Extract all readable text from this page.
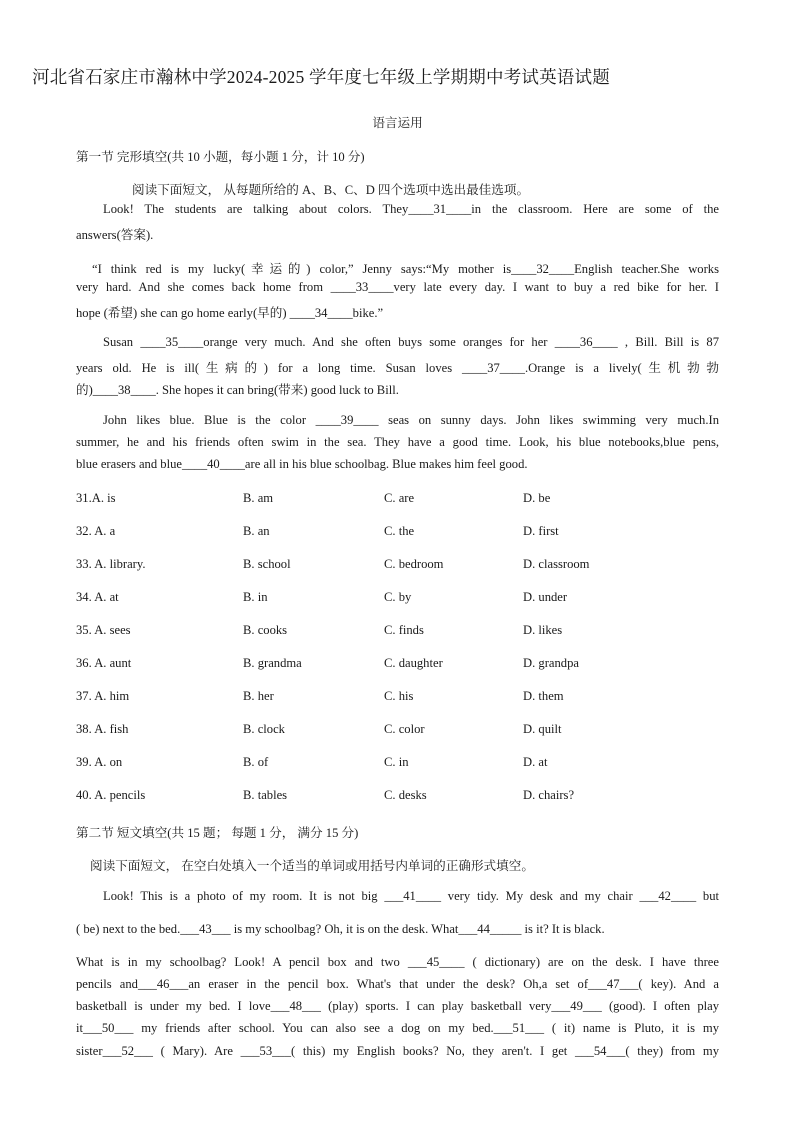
河北省石家庄市瀚林中学2024-2025 学年度七年级上学期期中考试英语试题
语言运用
第一节 完形填空(共 10 小题，每小题 1 分，计 10 分)
阅读下面短文， 从每题所给的 A、B、C、D 四个选项中选出最佳选项。
Look! The students are talking about colors. They____31____in the classroom. Here are some of the
answers(答案).
“I think red is my lucky(幸运的) color,” Jenny says:“My mother is____32____English teacher.She works
very hard. And she comes back home from ____33____very late every day. I want to buy a red bike for her. I
hope (希望) she can go home early(早的) ____34____bike.”
Susan ____35____orange very much. And she often buys some oranges for her ____36____ , Bill. Bill is 87
years old. He is ill(生病的) for a long time. Susan loves ____37____.Orange is a lively(生机勃勃
的)____38____. She hopes it can bring(带来) good luck to Bill.
John likes blue. Blue is the color ____39____ seas on sunny days. John likes swimming very much.In
summer, he and his friends often swim in the sea. They have a good time. Look, his blue notebooks,blue pens,
blue erasers and blue____40____are all in his blue schoolbag. Blue makes him feel good.
31.A. is	B. am	C. are	D. be
32. A. a	B. an	C. the	D. first
33. A. library.	B. school	C. bedroom	D. classroom
34. A. at	B. in	C. by	D. under
35. A. sees	B. cooks	C. finds	D. likes
36. A. aunt	B. grandma	C. daughter	D. grandpa
37. A. him	B. her	C. his	D. them
38. A. fish	B. clock	C. color	D. quilt
39. A. on	B. of	C. in	D. at
40. A. pencils	B. tables	C. desks	D. chairs?
第二节 短文填空(共 15 题； 每题 1 分， 满分 15 分)
阅读下面短文， 在空白处填入一个适当的单词或用括号内单词的正确形式填空。
Look! This is a photo of my room. It is not big ___41____ very tidy. My desk and my chair ___42____ but
( be) next to the bed.___43___ is my schoolbag? Oh, it is on the desk. What___44_____ is it? It is black.
What is in my schoolbag? Look! A pencil box and two ___45____ ( dictionary) are on the desk. I have three
pencils and___46___an eraser in the pencil box. What's that under the desk? Oh,a set of___47___( key). And a
basketball is under my bed. I love___48___ (play) sports. I can play basketball very___49___ (good). I often play
it___50___ my friends after school. You can also see a dog on my bed.___51___ ( it) name is Pluto, it is my
sister___52___ ( Mary). Are ___53___( this) my English books? No, they aren't. I get ___54___( they) from my
